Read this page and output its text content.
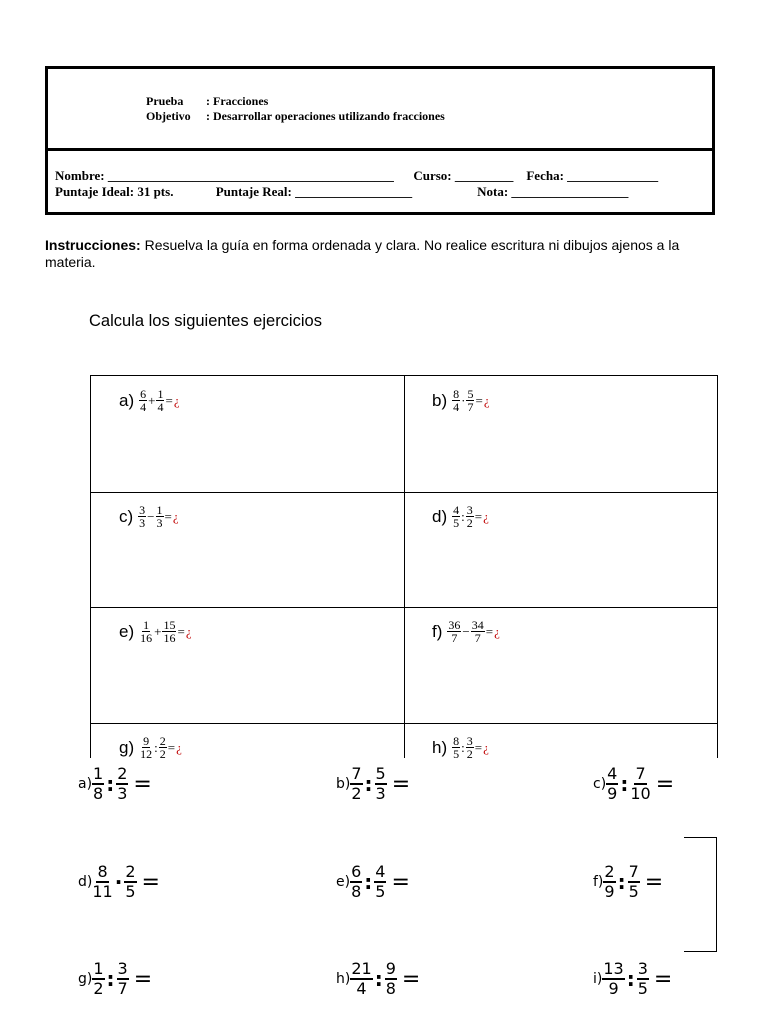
Prueba	: Fracciones
Objetivo	: Desarrollar operaciones utilizando fracciones
Nombre: ____________________________________________      Curso: _________    Fecha: ______________
Puntaje Ideal: 31 pts.             Puntaje Real: __________________                    Nota: __________________
Instrucciones: Resuelva la guía en forma ordenada y clara. No realice escritura ni dibujos ajenos a la materia.
Calcula los siguientes ejercicios
$a) \frac{6}{4} + \frac{1}{4}$ = ¿	$b) \frac{8}{4} \cdot \frac{5}{7}$ = ¿
$c) \frac{3}{3} - \frac{1}{3}$ = ¿	$d) \frac{4}{5}$ : $\frac{3}{2}$ = ¿
$e) \frac{1}{16} + \frac{15}{16}$ = ¿	$f) \frac{36}{7} - \frac{34}{7}$ = ¿
$g) \frac{9}{12}$ : $\frac{2}{2}$ = ¿	$h) \frac{8}{5}$ : $\frac{3}{2}$ = ¿
$a) \frac{1}{8}$ : $\frac{2}{3}$ =	$b) \frac{7}{2}$ : $\frac{5}{3}$ =	$c) \frac{4}{9}$ : $\frac{7}{10}$ =
$d) \frac{8}{11} \cdot \frac{2}{5}$ =	$e) \frac{6}{8}$ : $\frac{4}{5}$ =	$f) \frac{2}{9}$ : $\frac{7}{5}$ =
$g) \frac{1}{2}$ : $\frac{3}{7}$ =	$h) \frac{21}{4}$ : $\frac{9}{8}$ =	$i) \frac{13}{9}$ : $\frac{3}{5}$ =
